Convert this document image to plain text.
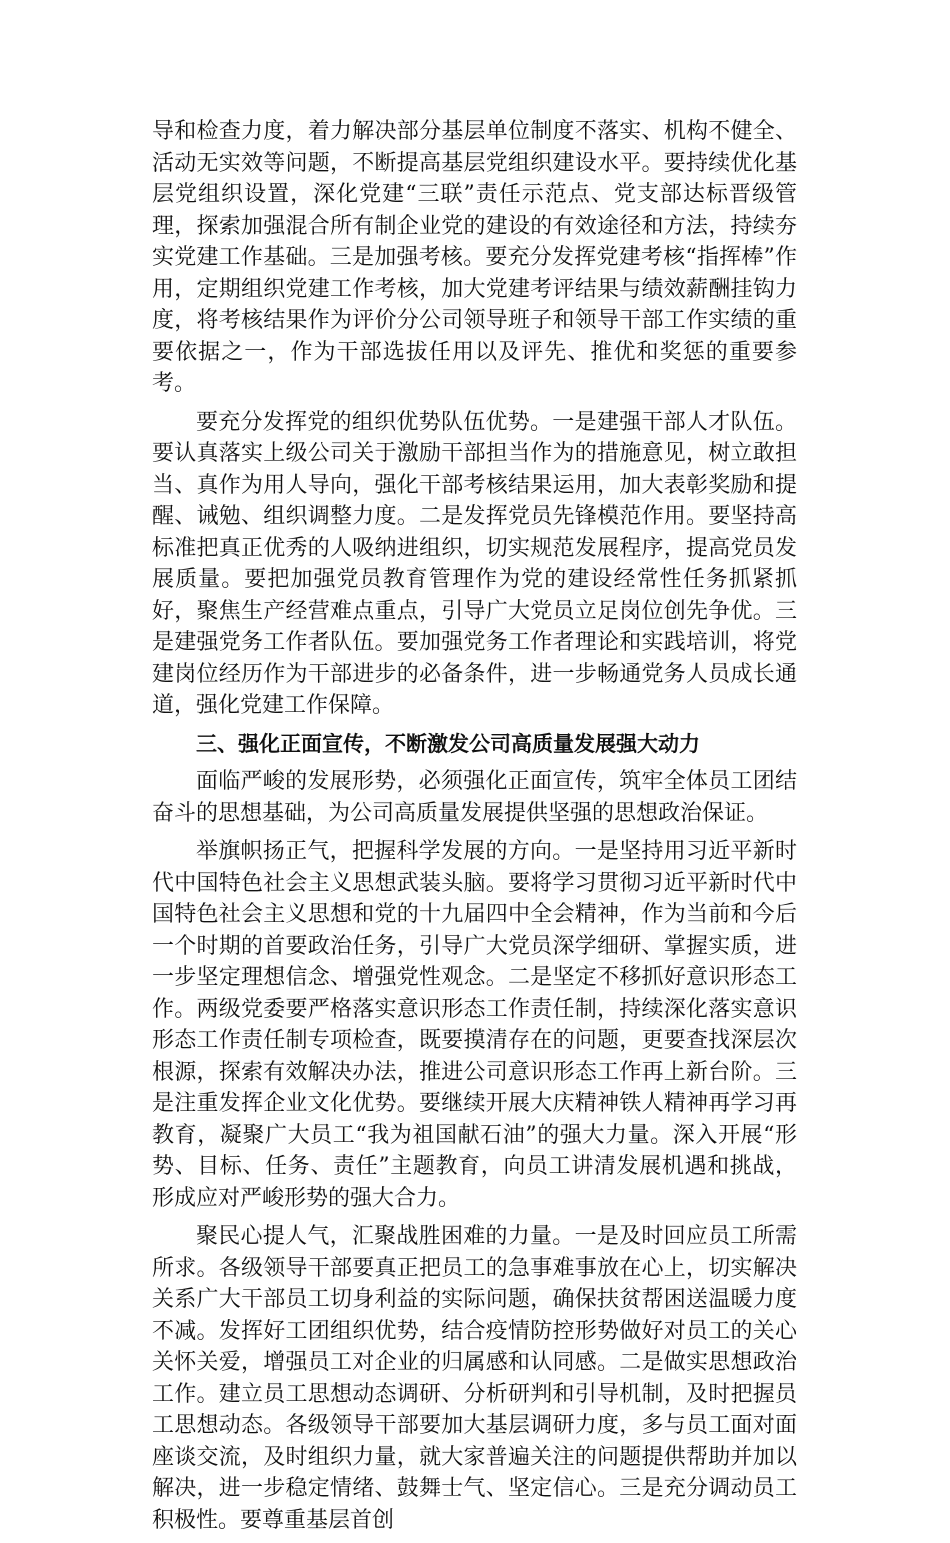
导和检查力度，着力解决部分基层单位制度不落实、机构不健全、活动无实效等问题，不断提高基层党组织建设水平。要持续优化基层党组织设置，深化党建“三联”责任示范点、党支部达标晋级管理，探索加强混合所有制企业党的建设的有效途径和方法，持续夯实党建工作基础。三是加强考核。要充分发挥党建考核“指挥棒”作用，定期组织党建工作考核，加大党建考评结果与绩效薪酬挂钩力度，将考核结果作为评价分公司领导班子和领导干部工作实绩的重要依据之一，作为干部选拔任用以及评先、推优和奖惩的重要参考。

要充分发挥党的组织优势队伍优势。一是建强干部人才队伍。要认真落实上级公司关于激励干部担当作为的措施意见，树立敢担当、真作为用人导向，强化干部考核结果运用，加大表彰奖励和提醒、诫勉、组织调整力度。二是发挥党员先锋模范作用。要坚持高标准把真正优秀的人吸纳进组织，切实规范发展程序，提高党员发展质量。要把加强党员教育管理作为党的建设经常性任务抓紧抓好，聚焦生产经营难点重点，引导广大党员立足岗位创先争优。三是建强党务工作者队伍。要加强党务工作者理论和实践培训，将党建岗位经历作为干部进步的必备条件，进一步畅通党务人员成长通道，强化党建工作保障。

三、强化正面宣传，不断激发公司高质量发展强大动力

面临严峻的发展形势，必须强化正面宣传，筑牢全体员工团结奋斗的思想基础，为公司高质量发展提供坚强的思想政治保证。

举旗帜扬正气，把握科学发展的方向。一是坚持用习近平新时代中国特色社会主义思想武装头脑。要将学习贯彻习近平新时代中国特色社会主义思想和党的十九届四中全会精神，作为当前和今后一个时期的首要政治任务，引导广大党员深学细研、掌握实质，进一步坚定理想信念、增强党性观念。二是坚定不移抓好意识形态工作。两级党委要严格落实意识形态工作责任制，持续深化落实意识形态工作责任制专项检查，既要摸清存在的问题，更要查找深层次根源，探索有效解决办法，推进公司意识形态工作再上新台阶。三是注重发挥企业文化优势。要继续开展大庆精神铁人精神再学习再教育，凝聚广大员工“我为祖国献石油”的强大力量。深入开展“形势、目标、任务、责任”主题教育，向员工讲清发展机遇和挑战，形成应对严峻形势的强大合力。

聚民心提人气，汇聚战胜困难的力量。一是及时回应员工所需所求。各级领导干部要真正把员工的急事难事放在心上，切实解决关系广大干部员工切身利益的实际问题，确保扶贫帮困送温暖力度不减。发挥好工团组织优势，结合疫情防控形势做好对员工的关心关怀关爱，增强员工对企业的归属感和认同感。二是做实思想政治工作。建立员工思想动态调研、分析研判和引导机制，及时把握员工思想动态。各级领导干部要加大基层调研力度，多与员工面对面座谈交流，及时组织力量，就大家普遍关注的问题提供帮助并加以解决，进一步稳定情绪、鼓舞士气、坚定信心。三是充分调动员工积极性。要尊重基层首创
